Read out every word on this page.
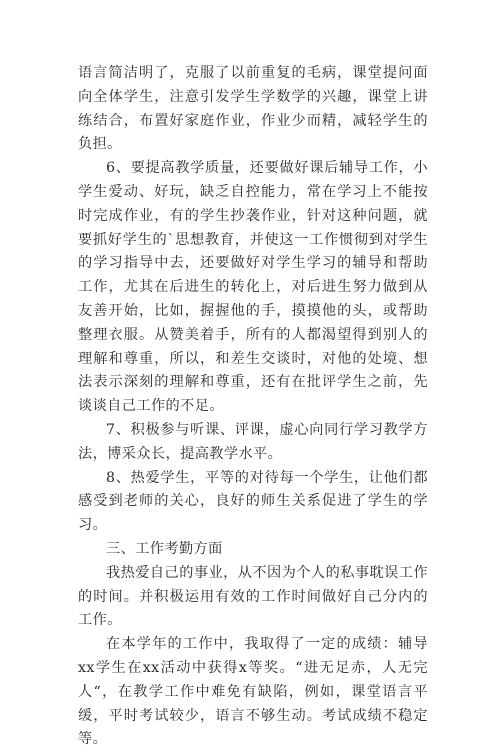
语言简洁明了，克服了以前重复的毛病，课堂提问面向全体学生，注意引发学生学数学的兴趣，课堂上讲练结合，布置好家庭作业，作业少而精，减轻学生的负担。

6、要提高教学质量，还要做好课后辅导工作，小学生爱动、好玩，缺乏自控能力，常在学习上不能按时完成作业，有的学生抄袭作业，针对这种问题，就要抓好学生的`思想教育，并使这一工作惯彻到对学生的学习指导中去，还要做好对学生学习的辅导和帮助工作，尤其在后进生的转化上，对后进生努力做到从友善开始，比如，握握他的手，摸摸他的头，或帮助整理衣服。从赞美着手，所有的人都渴望得到别人的理解和尊重，所以，和差生交谈时，对他的处境、想法表示深刻的理解和尊重，还有在批评学生之前，先谈谈自己工作的不足。

7、积极参与听课、评课，虚心向同行学习教学方法，博采众长，提高教学水平。

8、热爱学生，平等的对待每一个学生，让他们都感受到老师的关心，良好的师生关系促进了学生的学习。

三、工作考勤方面

我热爱自己的事业，从不因为个人的私事耽误工作的时间。并积极运用有效的工作时间做好自己分内的工作。

在本学年的工作中，我取得了一定的成绩：辅导xx学生在xx活动中获得x等奖。“进无足赤，人无完人“，在教学工作中难免有缺陷，例如，课堂语言平缓，平时考试较少，语言不够生动。考试成绩不稳定等。
